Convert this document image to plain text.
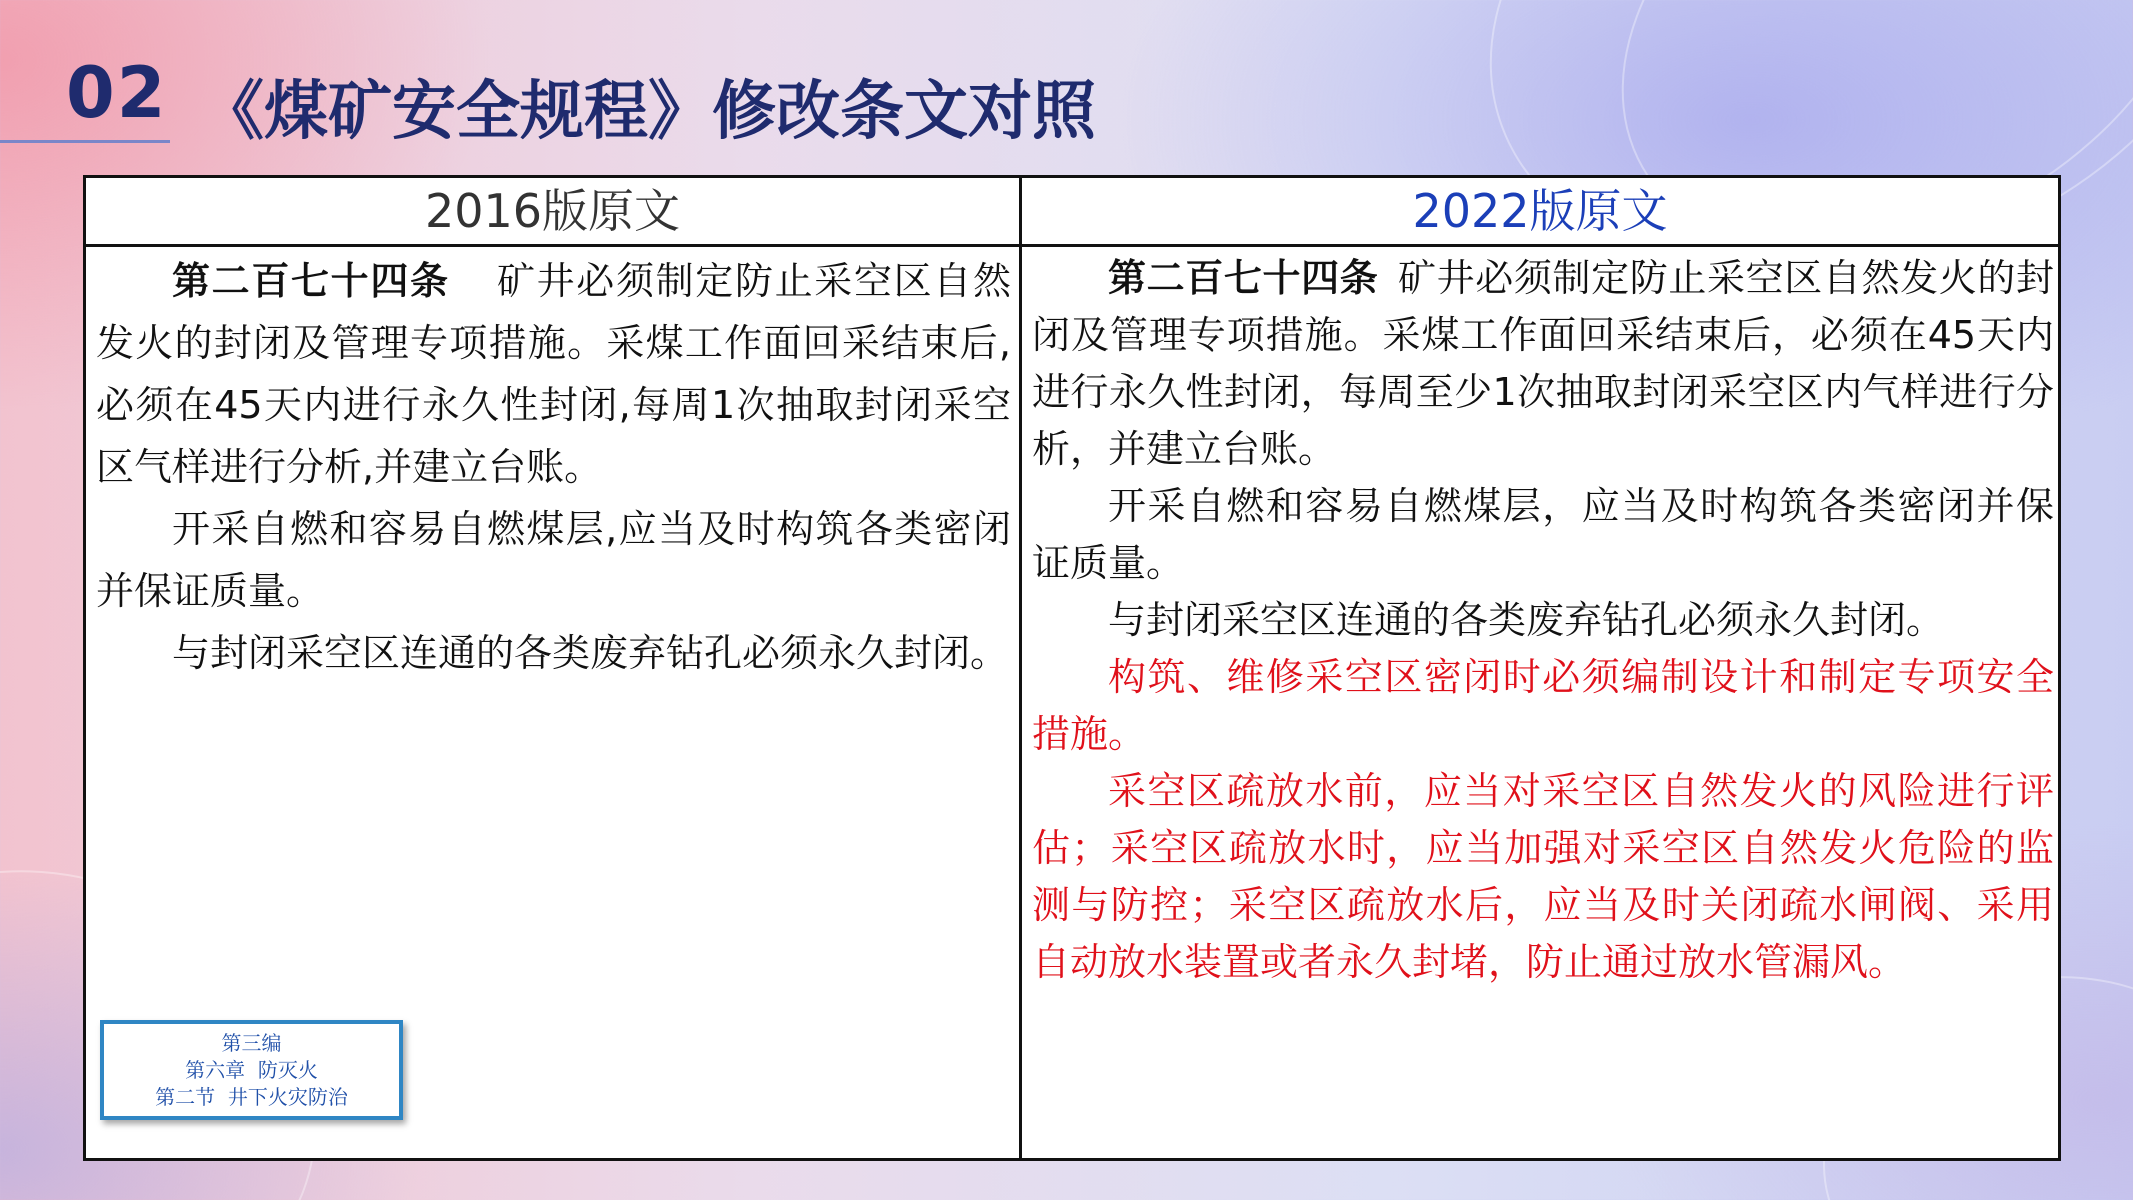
02 《煤矿安全规程》修改条文对照
2016版原文	2022版原文

第二百七十四条 矿井必须制定防止采空区自然发火的封闭及管理专项措施。采煤工作面回采结束后,必须在45天内进行永久性封闭,每周1次抽取封闭采空区气样进行分析,并建立台账。

开采自燃和容易自燃煤层,应当及时构筑各类密闭并保证质量。

与封闭采空区连通的各类废弃钻孔必须永久封闭。

第二百七十四条 矿井必须制定防止采空区自然发火的封闭及管理专项措施。采煤工作面回采结束后，必须在45天内进行永久性封闭，每周至少1次抽取封闭采空区内气样进行分析，并建立台账。

开采自燃和容易自燃煤层，应当及时构筑各类密闭并保证质量。

与封闭采空区连通的各类废弃钻孔必须永久封闭。

构筑、维修采空区密闭时必须编制设计和制定专项安全措施。

采空区疏放水前，应当对采空区自然发火的风险进行评估；采空区疏放水时，应当加强对采空区自然发火危险的监测与防控；采空区疏放水后，应当及时关闭疏水闸阀、采用自动放水装置或者永久封堵，防止通过放水管漏风。

第三编
第六章  防灭火
第二节  井下火灾防治
